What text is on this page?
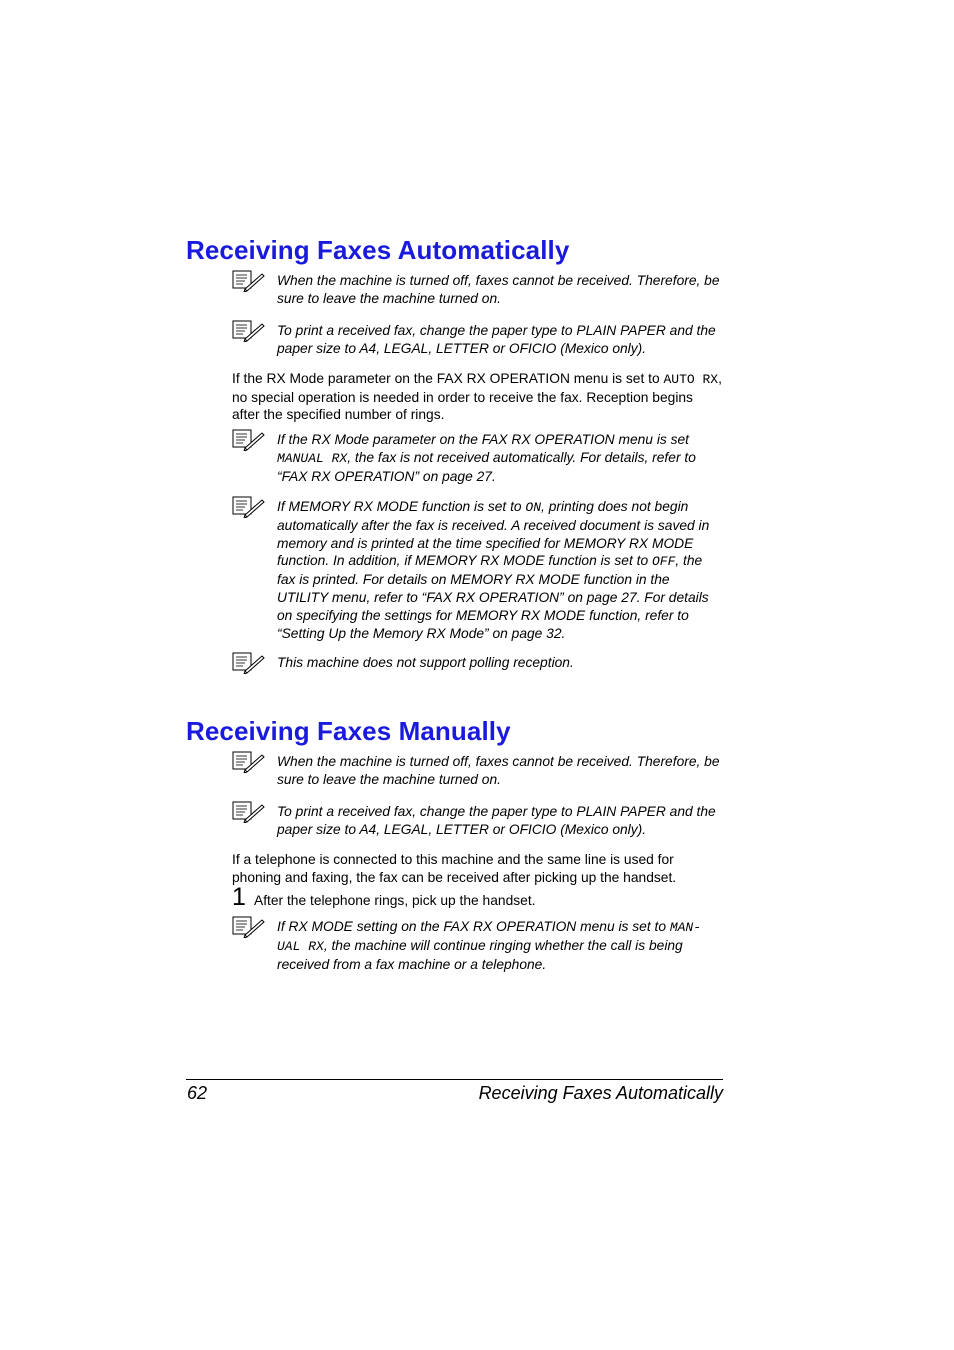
Receiving Faxes Automatically
When the machine is turned off, faxes cannot be received. Therefore, be sure to leave the machine turned on.
To print a received fax, change the paper type to PLAIN PAPER and the paper size to A4, LEGAL, LETTER or OFICIO (Mexico only).

If the RX Mode parameter on the FAX RX OPERATION menu is set to AUTO RX, no special operation is needed in order to receive the fax. Reception begins after the specified number of rings.

If the RX Mode parameter on the FAX RX OPERATION menu is set MANUAL RX, the fax is not received automatically. For details, refer to “FAX RX OPERATION” on page 27.
If MEMORY RX MODE function is set to ON, printing does not begin automatically after the fax is received. A received document is saved in memory and is printed at the time specified for MEMORY RX MODE function. In addition, if MEMORY RX MODE function is set to OFF, the fax is printed. For details on MEMORY RX MODE function in the UTILITY menu, refer to “FAX RX OPERATION” on page 27. For details on specifying the settings for MEMORY RX MODE function, refer to “Setting Up the Memory RX Mode” on page 32.
This machine does not support polling reception.
Receiving Faxes Manually
When the machine is turned off, faxes cannot be received. Therefore, be sure to leave the machine turned on.
To print a received fax, change the paper type to PLAIN PAPER and the paper size to A4, LEGAL, LETTER or OFICIO (Mexico only).

If a telephone is connected to this machine and the same line is used for phoning and faxing, the fax can be received after picking up the handset.

1 After the telephone rings, pick up the handset.
If RX MODE setting on the FAX RX OPERATION menu is set to MAN-UAL RX, the machine will continue ringing whether the call is being received from a fax machine or a telephone.
62	Receiving Faxes Automatically
